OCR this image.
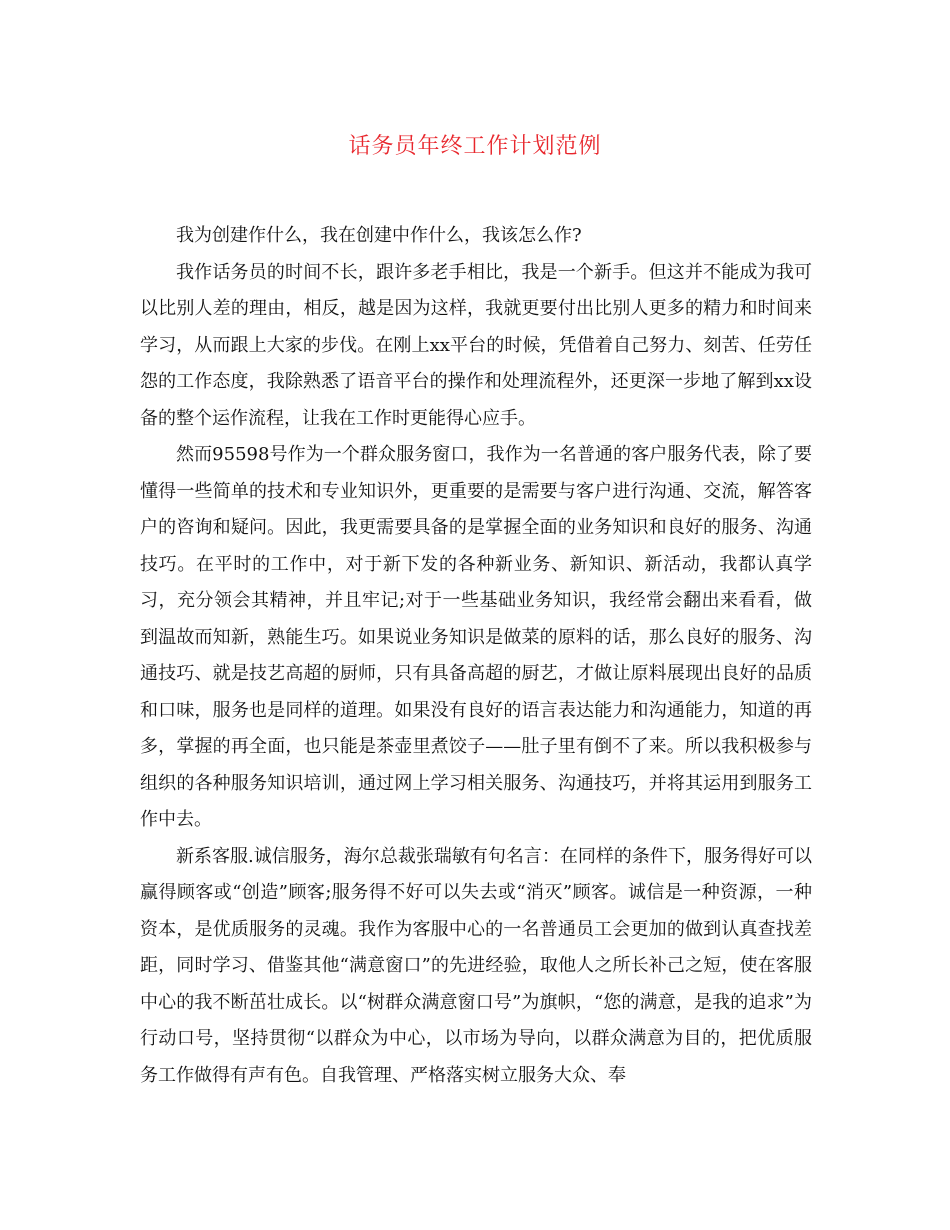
话务员年终工作计划范例

我为创建作什么，我在创建中作什么，我该怎么作?

我作话务员的时间不长，跟许多老手相比，我是一个新手。但这并不能成为我可以比别人差的理由，相反，越是因为这样，我就更要付出比别人更多的精力和时间来学习，从而跟上大家的步伐。在刚上xx平台的时候，凭借着自己努力、刻苦、任劳任怨的工作态度，我除熟悉了语音平台的操作和处理流程外，还更深一步地了解到xx设备的整个运作流程，让我在工作时更能得心应手。

然而95598号作为一个群众服务窗口，我作为一名普通的客户服务代表，除了要懂得一些简单的技术和专业知识外，更重要的是需要与客户进行沟通、交流，解答客户的咨询和疑问。因此，我更需要具备的是掌握全面的业务知识和良好的服务、沟通技巧。在平时的工作中，对于新下发的各种新业务、新知识、新活动，我都认真学习，充分领会其精神，并且牢记;对于一些基础业务知识，我经常会翻出来看看，做到温故而知新，熟能生巧。如果说业务知识是做菜的原料的话，那么良好的服务、沟通技巧、就是技艺高超的厨师，只有具备高超的厨艺，才做让原料展现出良好的品质和口味，服务也是同样的道理。如果没有良好的语言表达能力和沟通能力，知道的再多，掌握的再全面，也只能是茶壶里煮饺子——肚子里有倒不了来。所以我积极参与组织的各种服务知识培训，通过网上学习相关服务、沟通技巧，并将其运用到服务工作中去。

新系客服.诚信服务，海尔总裁张瑞敏有句名言：在同样的条件下，服务得好可以赢得顾客或“创造”顾客;服务得不好可以失去或“消灭”顾客。诚信是一种资源，一种资本，是优质服务的灵魂。我作为客服中心的一名普通员工会更加的做到认真查找差距，同时学习、借鉴其他“满意窗口”的先进经验，取他人之所长补己之短，使在客服中心的我不断茁壮成长。以“树群众满意窗口号”为旗帜，“您的满意，是我的追求”为行动口号，坚持贯彻“以群众为中心，以市场为导向，以群众满意为目的，把优质服务工作做得有声有色。自我管理、严格落实树立服务大众、奉
